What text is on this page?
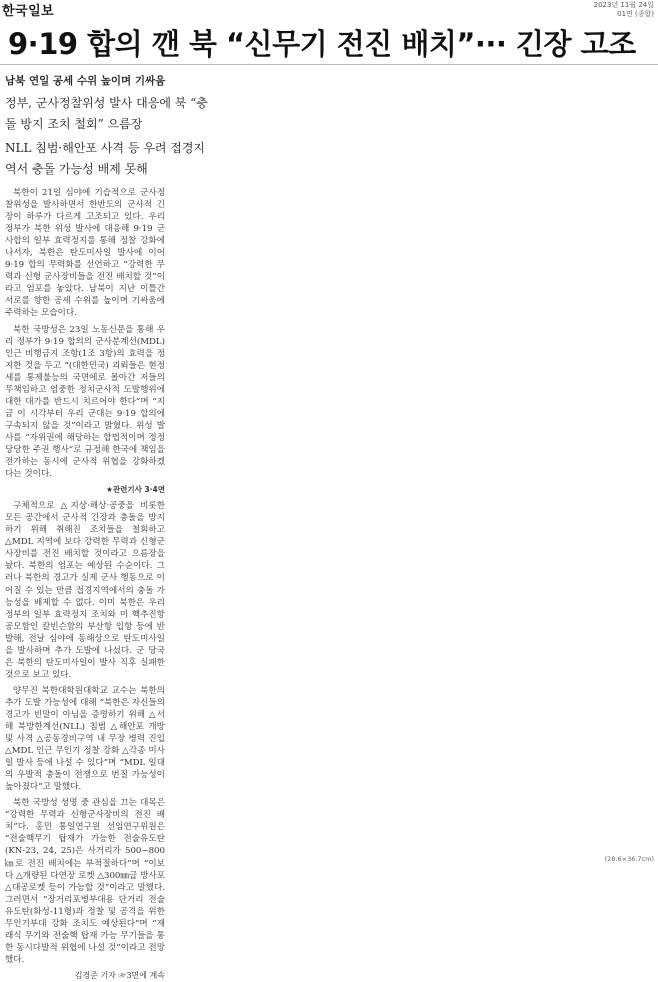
한국일보	2023년 11월 24일
01면 (종합)
9·19 합의 깬 북 “신무기 전진 배치”··· 긴장 고조
남북 연일 공세 수위 높이며 기싸움
정부, 군사정찰위성 발사 대응에 북 “충돌 방지 조치 철회” 으름장
NLL 침범·해안포 사격 등 우려 접경지역서 충돌 가능성 배제 못해

북한이 21일 심야에 기습적으로 군사정찰위성을 발사하면서 한반도의 군사적 긴장이 하루가 다르게 고조되고 있다. 우리 정부가 북한 위성 발사에 대응해 9·19 군사합의 일부 효력정지를 통해 정찰 강화에 나서자, 북한은 탄도미사일 발사에 이어 9·19 합의 무력화를 선언하고 “강력한 무력과 신형 군사장비들을 전진 배치할 것”이라고 엄포를 놓았다. 남북이 지난 이틀간 서로를 향한 공세 수위를 높이며 기싸움에 주력하는 모습이다.

북한 국방성은 23일 노동신문을 통해 우리 정부가 9·19 합의의 군사분계선(MDL) 인근 비행금지 조항(1조 3항)의 효력을 정지한 것을 두고 “(대한민국) 괴뢰들은 현정세를 통제불능의 국면에로 몰아간 저들의 무책임하고 엄중한 정치군사적 도발행위에 대한 대가를 반드시 치르어야 한다”며 “지금 이 시각부터 우리 군대는 9·19 합의에 구속되지 않을 것”이라고 밝혔다. 위성 발사를 “자위권에 해당하는 합법적이며 정정당당한 주권 행사”로 규정해 한국에 책임을 전가하는 동시에 군사적 위협을 강화하겠다는 것이다.

★관련기사 3·4면

구체적으로 △지상·해상·공중을 비롯한 모든 공간에서 군사적 긴장과 충돌을 방지하기 위해 취해진 조치들을 철회하고 △MDL 지역에 보다 강력한 무력과 신형군사장비를 전진 배치할 것이라고 으름장을 놨다. 북한의 엄포는 예상된 수순이다. 그러나 북한의 경고가 실제 군사 행동으로 이어질 수 있는 만큼 접경지역에서의 충돌 가능성을 배제할 수 없다. 이미 북한은 우리 정부의 일부 효력정지 조치와 미 핵추진항공모함인 칼빈슨함의 부산항 입항 등에 반발해, 전날 심야에 동해상으로 탄도미사일을 발사하며 추가 도발에 나섰다. 군 당국은 북한의 탄도미사일이 발사 직후 실패한 것으로 보고 있다.

양무진 북한대학원대학교 교수는 북한의 추가 도발 가능성에 대해 “북한은 자신들의 경고가 빈말이 아님을 증명하기 위해 △서해 북방한계선(NLL) 침범 △해안포 개방 및 사격 △공동경비구역 내 무장 병력 진입 △MDL 인근 무인기 정찰 강화 △각종 미사일 발사 등에 나설 수 있다”며 “MDL 일대의 우발적 충돌이 전쟁으로 번질 가능성이 높아졌다”고 말했다.

북한 국방성 성명 중 관심을 끄는 대목은 “강력한 무력과 신형군사장비의 전진 배치”다. 홍민 통일연구원 선임연구위원은 “전술핵무기 탑재가 가능한 전술유도탄(KN-23, 24, 25)은 사거리가 500~800㎞로 전진 배치에는 부적절하다”며 “이보다 △개량된 다연장 로켓 △300㎜급 방사포 △대공로켓 등이 가능할 것”이라고 말했다. 그러면서 “장거리포병부대용 단거리 전술유도탄(화성-11형)과 정찰 및 공격을 위한 무인기부대 강화 조치도 예상된다”며 “재래식 무기와 전술핵 탑재 가능 무기들을 통한 동시다발적 위협에 나설 것”이라고 전망했다.

김경준 기자 ☞3면에 계속
(28.6×36.7cm)
